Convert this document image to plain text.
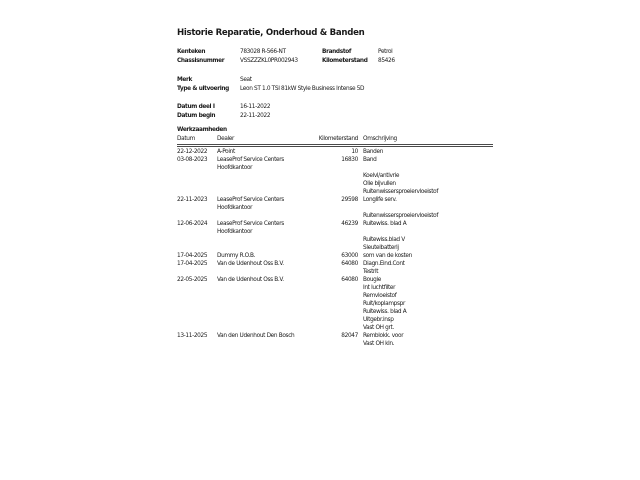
Historie Reparatie, Onderhoud & Banden
Kenteken	783028 R-566-NT	Brandstof	Petrol
Chassisnummer	VSSZZZKL0PR002943	Kilometerstand	85426
Merk	Seat
Type & uitvoering	Leon ST 1.0 TSI 81kW Style Business Intense 5D
Datum deel I	16-11-2022
Datum begin	22-11-2022
Werkzaamheden
Datum	Dealer	Kilometerstand Omschrijving
22-12-2022	A-Point	10 Banden
03-08-2023	LeaseProf Service Centers
Hoofdkantoor
16830 Band

Koelvl/antivrie
Olie bijvullen
Ruitenwissersproeiervloeistof
22-11-2023	LeaseProf Service Centers
Hoofdkantoor
29598 Longlife serv.

Ruitenwissersproeiervloeistof
12-06-2024	LeaseProf Service Centers
Hoofdkantoor
46239 Ruitewiss. blad A

Ruitewiss.blad V
Sleutelbatterij
17-04-2025	Dummy R.O.B.	63000 som van de kosten
17-04-2025	Van de Udenhout Oss B.V.	64080 Diagn.Eind.Cont
Testrit
22-05-2025	Van de Udenhout Oss B.V.	64080 Bougie
Int luchtfilter
Remvloeistof
Ruit/koplampspr
Ruitewiss. blad A
Uitgebr.insp
Vast OH grt.
13-11-2025	Van den Udenhout Den Bosch	82047 Remblokk. voor
Vast OH kln.
